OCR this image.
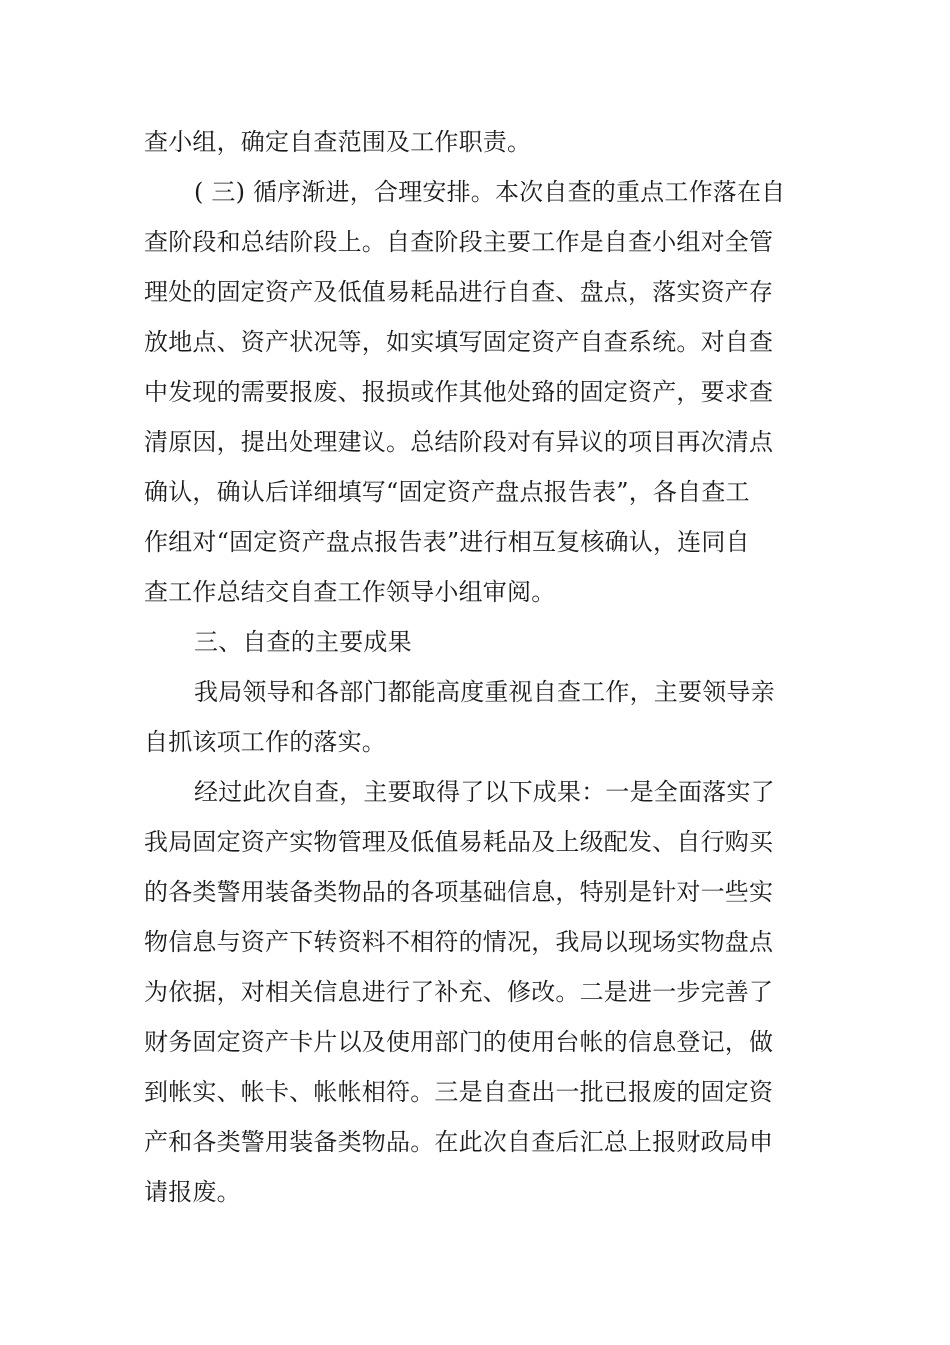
查小组，确定自查范围及工作职责。
( 三) 循序渐进，合理安排。本次自查的重点工作落在自
查阶段和总结阶段上。自查阶段主要工作是自查小组对全管
理处的固定资产及低值易耗品进行自查、盘点，落实资产存
放地点、资产状况等，如实填写固定资产自查系统。对自查
中发现的需要报废、报损或作其他处臵的固定资产，要求查
清原因，提出处理建议。总结阶段对有异议的项目再次清点
确认，确认后详细填写“固定资产盘点报告表”，各自查工
作组对“固定资产盘点报告表”进行相互复核确认，连同自
查工作总结交自查工作领导小组审阅。
三、自查的主要成果
我局领导和各部门都能高度重视自查工作，主要领导亲
自抓该项工作的落实。
经过此次自查，主要取得了以下成果：一是全面落实了
我局固定资产实物管理及低值易耗品及上级配发、自行购买
的各类警用装备类物品的各项基础信息，特别是针对一些实
物信息与资产下转资料不相符的情况，我局以现场实物盘点
为依据，对相关信息进行了补充、修改。二是进一步完善了
财务固定资产卡片以及使用部门的使用台帐的信息登记，做
到帐实、帐卡、帐帐相符。三是自查出一批已报废的固定资
产和各类警用装备类物品。在此次自查后汇总上报财政局申
请报废。
